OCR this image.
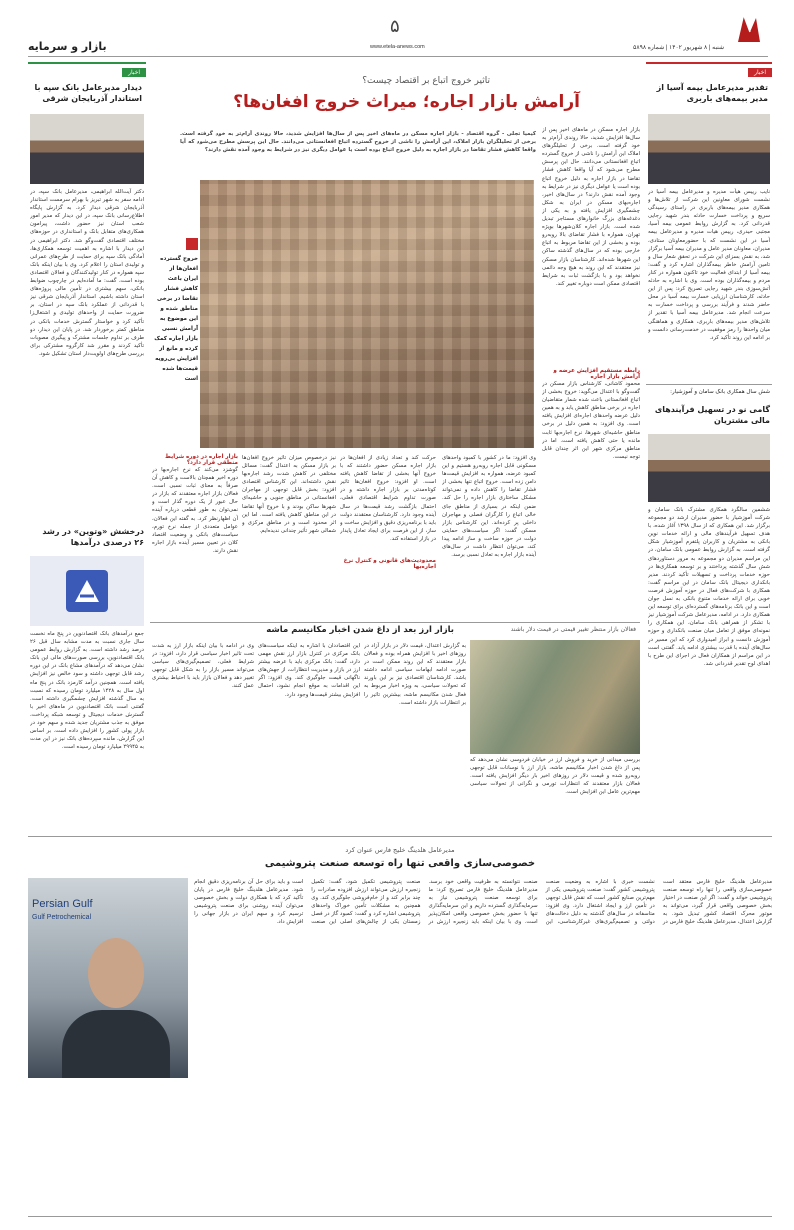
شنبه | ۸ شهریور ۱۴۰۲ | شماره ۵۸۹۸
www.etela-anews.com
۵
بازار و سرمایه
اخبار
تقدیر مدیرعامل بیمه آسیا از مدیر بیمه‌های باربری
نایب رییس هیأت مدیره و مدیرعامل بیمه آسیا در نشست شورای معاونین این شرکت از تلاش‌ها و همکاری مدیر بیمه‌های باربری در راستای رسیدگی سریع و پرداخت خسارت حادثه بندر شهید رجایی قدردانی کرد. به گزارش روابط عمومی بیمه آسیا، مجتبی حیدری، رییس هیات مدیره و مدیرعامل بیمه آسیا در این نشست که با حضورمعاونان ستادی، مدیران، معاونان مدیر عامل و مدیران بیمه آسیا برگزار شد، به نقش بسزای این شرکت در تحقق شعار سال و تامین آرامش خاطر بیمه‌گذاران اشاره کرد و گفت: بیمه آسیا از ابتدای فعالیت خود تاکنون همواره در کنار مردم و بیمه‌گذاران بوده است. وی با اشاره به حادثه آتش‌سوزی بندر شهید رجایی تصریح کرد: پس از این حادثه، کارشناسان ارزیابی خسارت بیمه آسیا در محل حاضر شدند و فرآیند بررسی و پرداخت خسارت به سرعت انجام شد. مدیرعامل بیمه آسیا با تقدیر از تلاش‌های مدیر بیمه‌های باربری، همکاری و هماهنگی میان واحدها را رمز موفقیت در خدمت‌رسانی دانست و بر ادامه این روند تأکید کرد.
شش سال همکاری بانک سامان و آموزشیار:
گامی نو در تسهیل فرآیندهای مالی مشتریان
ششمین سالگرد همکاری مشترک بانک سامان و شرکت آموزشیار با حضور مدیران ارشد دو مجموعه برگزار شد. این همکاری که از سال ۱۳۹۸ آغاز شده، با هدف تسهیل فرآیندهای مالی و ارائه خدمات نوین بانکی به مشتریان و کاربران پلتفرم آموزشیار شکل گرفته است. به گزارش روابط عمومی بانک سامان، در این مراسم مدیران دو مجموعه به مرور دستاوردهای شش سال گذشته پرداختند و بر توسعه همکاری‌ها در حوزه خدمات پرداخت و تسهیلات تأکید کردند. مدیر بانکداری دیجیتال بانک سامان در این مراسم گفت: همکاری با شرکت‌های فعال در حوزه آموزش فرصت خوبی برای ارائه خدمات متنوع بانکی به نسل جوان است و این بانک برنامه‌های گسترده‌ای برای توسعه این همکاری دارد. در ادامه، مدیرعامل شرکت آموزشیار نیز با تشکر از همراهی بانک سامان، این همکاری را نمونه‌ای موفق از تعامل میان صنعت بانکداری و حوزه آموزش دانست و ابراز امیدواری کرد که این مسیر در سال‌های آینده با قدرت بیشتری ادامه یابد. گفتنی است در این مراسم از همکاران فعال در اجرای این طرح با اهدای لوح تقدیر قدردانی شد.
تاثیر خروج اتباع بر اقتصاد چیست؟
آرامش بازار اجاره؛ میراث خروج افغان‌ها؟
کیمیا تجلی - گروه اقتصاد - بازار اجاره مسکن در ماه‌های اخیر پس از سال‌ها افزایش شدید، حالا روندی آرام‌تر به خود گرفته است. برخی از تحلیلگران بازار املاک، این آرامش را ناشی از خروج گسترده اتباع افغانستانی می‌دانند. حال این پرسش مطرح می‌شود که آیا واقعا کاهش فشار تقاضا در بازار اجاره به دلیل خروج اتباع بوده است یا عوامل دیگری نیز در شرایط به وجود آمده نقش دارند؟
بازار اجاره مسکن در ماه‌های اخیر پس از سال‌ها افزایش شدید، حالا روندی آرام‌تر به خود گرفته است. برخی از تحلیلگرهای املاک این آرامش را ناشی از خروج گسترده اتباع افغانستانی می‌دانند. حال این پرسش مطرح می‌شود که آیا واقعا کاهش فشار تقاضا در بازار اجاره به دلیل خروج اتباع بوده است یا عوامل دیگری نیز در شرایط به وجود آمده نقش دارند؟ در سال‌های اخیر، اجاره‌بهای مسکن در ایران به شکل چشمگیری افزایش یافته و به یکی از دغدغه‌های بزرگ خانوارهای مستاجر تبدیل شده است. بازار اجاره کلان‌شهرها بویژه تهران، همواره با فشار تقاضای بالا روبه‌رو بوده و بخشی از این تقاضا مربوط به اتباع خارجی بوده که در سال‌های گذشته ساکن این شهرها شده‌اند. کارشناسان بازار مسکن نیز معتقدند که این روند به هیچ وجه دائمی نخواهد بود و با بازگشت ثبات به شرایط اقتصادی ممکن است دوباره تغییر کند.
رابطه مستقیم افزایش عرضه و آرامش بازار اجاره
محمود کاشانی، کارشناس بازار مسکن در گفت‌وگو با اعتدال می‌گوید: خروج بخشی از اتباع افغانستانی باعث شده شمار متقاضیان اجاره در برخی مناطق کاهش یابد و به همین دلیل عرضه واحدهای اجاره‌ای افزایش یافته است. وی افزود: به همین دلیل در برخی مناطق حاشیه‌ای شهرها، نرخ اجاره‌بها ثابت مانده یا حتی کاهش یافته است. اما در مناطق مرکزی شهر این اثر چندان قابل توجه نیست.
خروج گسترده افغان‌ها از ایران باعث کاهش فشار تقاضا در برخی مناطق شده و این موضوع به آرامش نسبی بازار اجاره کمک کرده و مانع از افزایش بی‌رویه قیمت‌ها شده است
وی افزود: ما در کشور با کمبود واحدهای مسکونی قابل اجاره روبه‌رو هستیم و این کمبود عرضه، همواره به افزایش قیمت‌ها دامن زده است. خروج اتباع تنها بخشی از فشار تقاضا را کاهش داده و نمی‌تواند مشکل ساختاری بازار اجاره را حل کند. ضمن اینکه در بسیاری از مناطق جای خالی اتباع را کارگران فصلی و مهاجران داخلی پر کرده‌اند. این کارشناس بازار مسکن گفت: اگر سیاست‌های حمایتی دولت در حوزه ساخت و ساز ادامه پیدا کند، می‌توان انتظار داشت در سال‌های آینده بازار اجاره به تعادل نسبی برسد.
محدودیت‌های قانونی و کنترل نرخ اجاره‌بها
حرکت کند و تعداد زیادی از افغان‌ها در بازار اجاره مسکن حضور داشتند که با خروج آنها بخشی از تقاضا کاهش یافته است. او افزود: خروج افغان‌ها تاثیر کوتاه‌مدتی بر بازار اجاره داشته و در صورت تداوم شرایط اقتصادی فعلی، احتمال بازگشت رشد قیمت‌ها در سال آینده وجود دارد. کارشناسان معتقدند دولت باید با برنامه‌ریزی دقیق و افزایش ساخت و ساز، از این فرصت برای ایجاد تعادل پایدار در بازار استفاده کند.
نیز درخصوص میزان تاثیر خروج افغان‌ها بر بازار مسکن به اعتدال گفت: مسائل مختلفی در کاهش شدت رشد اجاره‌بها نقش داشته‌اند. این کارشناس اقتصادی افزود: بخش قابل توجهی از مهاجران افغانستانی در مناطق جنوبی و حاشیه‌ای شهرها ساکن بودند و با خروج آنها تقاضا در این مناطق کاهش یافته است. اما این اثر محدود است و در مناطق مرکزی و شمالی شهر تأثیر چندانی ندیده‌ایم.
بازار اجاره در دوره شرایط منطقی قرار دارد؟
گوشزد می‌کند که نرخ اجاره‌بها در دوره اخیر همچنان بالاست و کاهش آن صرفاً به معنای ثبات نسبی است. فعالان بازار اجاره معتقدند که بازار در حال عبور از یک دوره گذار است و نمی‌توان به طور قطعی درباره آینده آن اظهارنظر کرد. به گفته این فعالان، عوامل متعددی از جمله نرخ تورم، سیاست‌های بانکی و وضعیت اقتصاد کلان در تعیین مسیر آینده بازار اجاره نقش دارند.
اخبار
دیدار مدیرعامل بانک سپه با استاندار آذربایجان شرقی
دکتر آیت‌الله ابراهیمی، مدیرعامل بانک سپه، در ادامه سفر به شهر تبریز با بهرام سرمست استاندار آذربایجان شرقی دیدار کرد. به گزارش پایگاه اطلاع‌رسانی بانک سپه، در این دیدار که مدیر امور شعب استان نیز حضور داشت، پیرامون همکاری‌های متقابل بانک و استانداری در حوزه‌های مختلف اقتصادی گفت‌وگو شد. دکتر ابراهیمی در این دیدار با اشاره به اهمیت توسعه همکاری‌ها، آمادگی بانک سپه برای حمایت از طرح‌های عمرانی و تولیدی استان را اعلام کرد. وی با بیان اینکه بانک سپه همواره در کنار تولیدکنندگان و فعالان اقتصادی بوده است، گفت: ما آماده‌ایم در چارچوب ضوابط بانکی، سهم بیشتری در تأمین مالی پروژه‌های استان داشته باشیم. استاندار آذربایجان شرقی نیز با قدردانی از عملکرد بانک سپه در استان، بر ضرورت حمایت از واحدهای تولیدی و اشتغال‌زا تأکید کرد و خواستار گسترش خدمات بانکی در مناطق کمتر برخوردار شد. در پایان این دیدار، دو طرف بر تداوم جلسات مشترک و پیگیری مصوبات تأکید کردند و مقرر شد کارگروه مشترکی برای بررسی طرح‌های اولویت‌دار استان تشکیل شود.
درخشش «وتوین» در رشد ۲۶ درصدی درآمدها
جمع درآمدهای بانک اقتصادنوین در پنج ماه نخست سال جاری نسبت به مدت مشابه سال قبل ۲۶ درصد رشد داشته است. به گزارش روابط عمومی بانک اقتصادنوین، بررسی صورت‌های مالی این بانک نشان می‌دهد که درآمدهای مشاع بانک در این دوره رشد قابل توجهی داشته و سود خالص نیز افزایش یافته است. همچنین درآمد کارمزد بانک در پنج ماه اول سال به ۱۴۲۸ میلیارد تومان رسیده که نسبت به سال گذشته افزایش چشمگیری داشته است. گفتنی است بانک اقتصادنوین در ماه‌های اخیر با گسترش خدمات دیجیتال و توسعه شبکه پرداخت، موفق به جذب مشتریان جدید شده و سهم خود در بازار پولی کشور را افزایش داده است. بر اساس این گزارش، مانده سپرده‌های بانک نیز در این مدت به ۲۹۹۴۵ میلیارد تومان رسیده است.
فعالان بازار منتظر تغییر قیمتی در قیمت دلار باشند
بازار ارز بعد از داغ شدن اخبار مکانیسم ماشه
بررسی میدانی از خرید و فروش ارز در خیابان فردوسی نشان می‌دهد که پس از داغ شدن اخبار مکانیسم ماشه، بازار ارز با نوسانات قابل توجهی روبه‌رو شده و قیمت دلار در روزهای اخیر بار دیگر افزایش یافته است. فعالان بازار معتقدند که انتظارات تورمی و نگرانی از تحولات سیاسی مهم‌ترین عامل این افزایش است.
به گزارش اعتدال، قیمت دلار در بازار آزاد در روزهای اخیر با افزایش همراه بوده و فعالان بازار معتقدند که این روند ممکن است در صورت ادامه ابهامات سیاسی ادامه داشته باشد. کارشناسان اقتصادی نیز بر این باورند که تحولات سیاسی، به ویژه اخبار مربوط به فعال شدن مکانیسم ماشه، بیشترین تاثیر را بر انتظارات بازار داشته است.
این اقتصاددان با اشاره به اینکه سیاست‌های بانک مرکزی در کنترل بازار ارز نقش مهمی دارد، گفت: بانک مرکزی باید با عرضه بیشتر ارز در بازار و مدیریت انتظارات، از جهش‌های ناگهانی قیمت جلوگیری کند. وی افزود: اگر این اقدامات به موقع انجام نشود، احتمال افزایش بیشتر قیمت‌ها وجود دارد.
وی در ادامه با بیان اینکه بازار ارز به شدت تحت تاثیر اخبار سیاسی قرار دارد، افزود: در شرایط فعلی، تصمیم‌گیری‌های سیاسی می‌تواند مسیر بازار را به شکل قابل توجهی تغییر دهد و فعالان بازار باید با احتیاط بیشتری عمل کنند.
مدیرعامل هلدینگ خلیج فارس عنوان کرد
خصوصی‌سازی واقعی تنها راه توسعه صنعت پتروشیمی
مدیرعامل هلدینگ خلیج فارس معتقد است خصوصی‌سازی واقعی را تنها راه توسعه صنعت پتروشیمی خواند و گفت: اگر این صنعت در اختیار بخش خصوصی واقعی قرار گیرد، می‌تواند به موتور محرک اقتصاد کشور تبدیل شود. به گزارش اعتدال، مدیرعامل هلدینگ خلیج فارس در نشست خبری با اشاره به وضعیت صنعت پتروشیمی کشور گفت: صنعت پتروشیمی یکی از مهم‌ترین صنایع کشور است که نقش قابل توجهی در تأمین ارز و ایجاد اشتغال دارد. وی افزود: متاسفانه در سال‌های گذشته به دلیل دخالت‌های دولتی و تصمیم‌گیری‌های غیرکارشناسی، این صنعت نتوانسته به ظرفیت واقعی خود برسد. مدیرعامل هلدینگ خلیج فارس تصریح کرد: ما برای توسعه صنعت پتروشیمی نیاز به سرمایه‌گذاری گسترده داریم و این سرمایه‌گذاری تنها با حضور بخش خصوصی واقعی امکان‌پذیر است. وی با بیان اینکه باید زنجیره ارزش در صنعت پتروشیمی تکمیل شود، گفت: تکمیل زنجیره ارزش می‌تواند ارزش افزوده صادرات را چند برابر کند و از خام‌فروشی جلوگیری کند. وی همچنین به مشکلات تأمین خوراک واحدهای پتروشیمی اشاره کرد و گفت: کمبود گاز در فصل زمستان یکی از چالش‌های اصلی این صنعت است و باید برای حل آن برنامه‌ریزی دقیق انجام شود. مدیرعامل هلدینگ خلیج فارس در پایان تأکید کرد که با همکاری دولت و بخش خصوصی می‌توان آینده روشنی برای صنعت پتروشیمی ترسیم کرد و سهم ایران در بازار جهانی را افزایش داد.
Persian Gulf
Gulf Petrochemical
